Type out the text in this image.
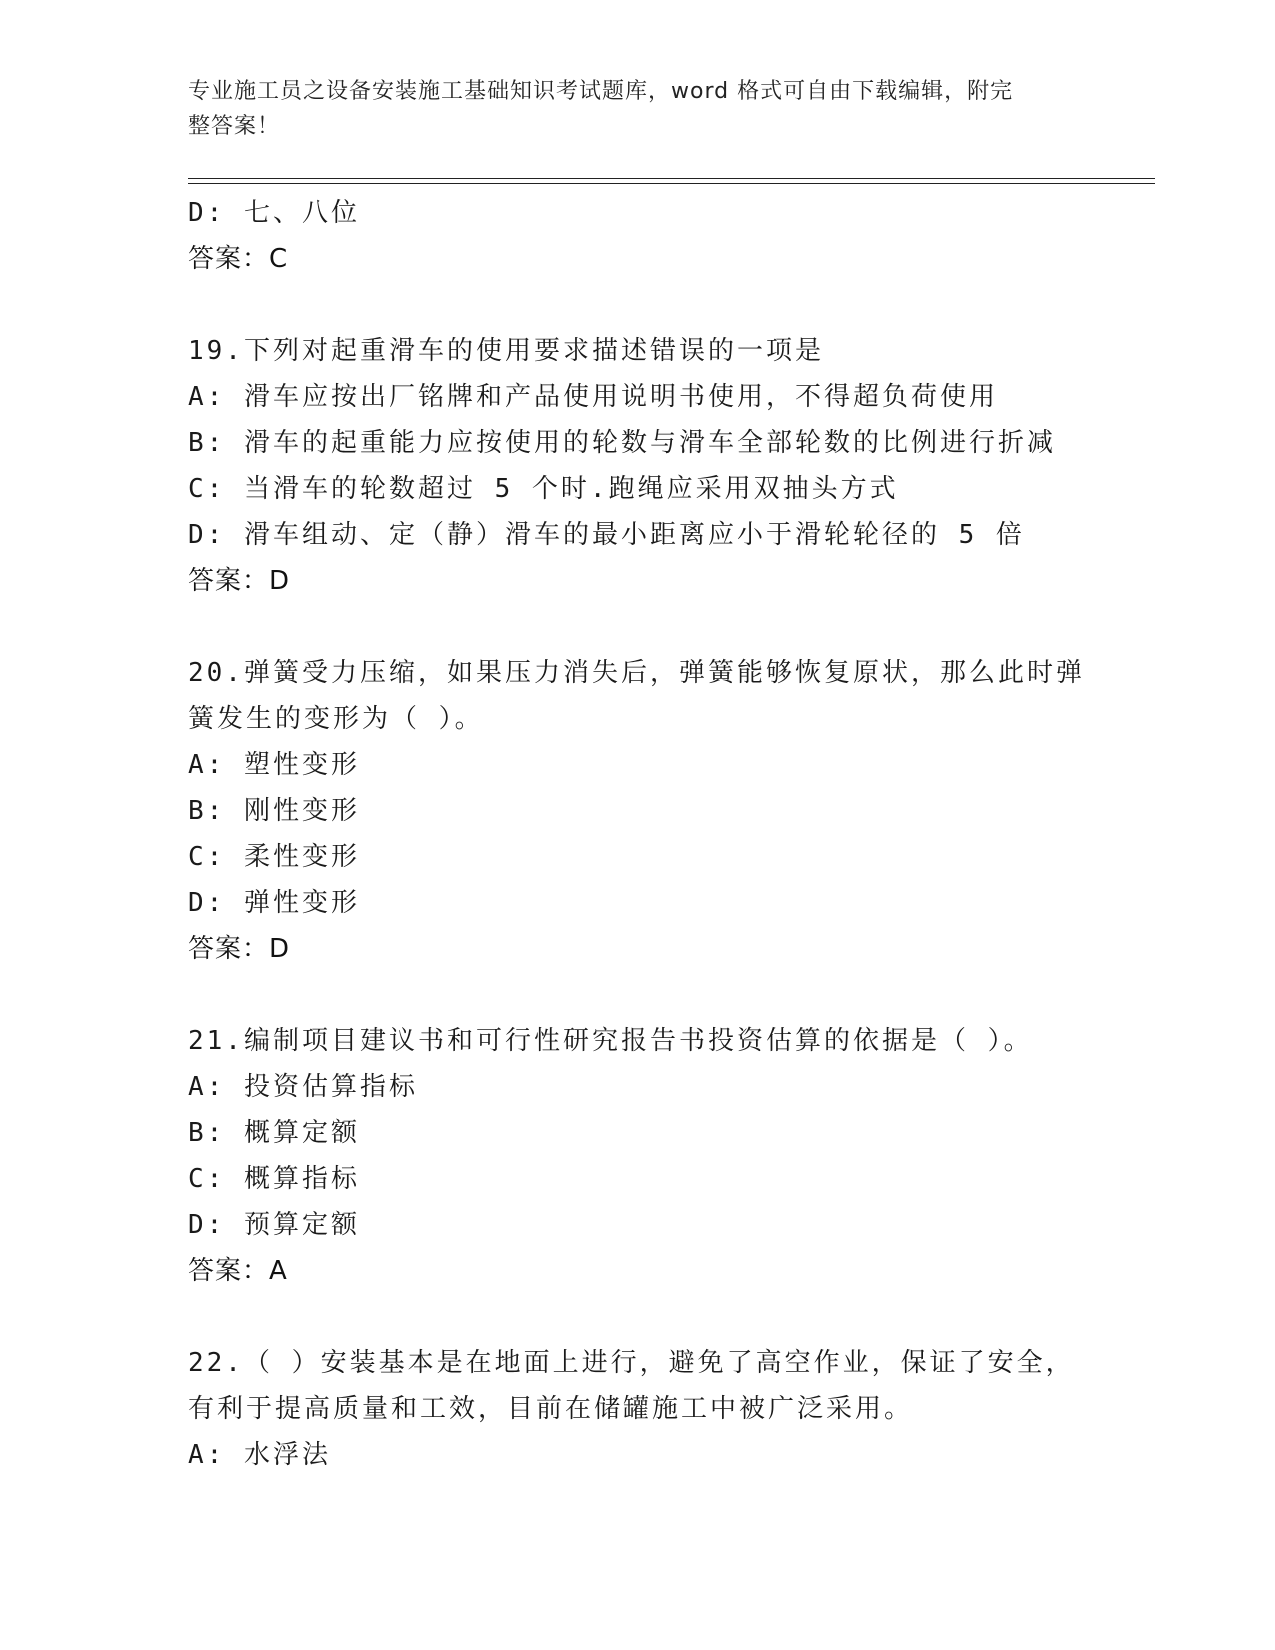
专业施工员之设备安装施工基础知识考试题库，word 格式可自由下载编辑，附完
整答案！
D: 七、八位
答案：C
19.下列对起重滑车的使用要求描述错误的一项是
A: 滑车应按出厂铭牌和产品使用说明书使用，不得超负荷使用
B: 滑车的起重能力应按使用的轮数与滑车全部轮数的比例进行折减
C: 当滑车的轮数超过 5 个时.跑绳应采用双抽头方式
D: 滑车组动、定（静）滑车的最小距离应小于滑轮轮径的 5 倍
答案：D
20.弹簧受力压缩，如果压力消失后，弹簧能够恢复原状，那么此时弹
簧发生的变形为（ ）。
A: 塑性变形
B: 刚性变形
C: 柔性变形
D: 弹性变形
答案：D
21.编制项目建议书和可行性研究报告书投资估算的依据是（ ）。
A: 投资估算指标
B: 概算定额
C: 概算指标
D: 预算定额
答案：A
22.（ ）安装基本是在地面上进行，避免了高空作业，保证了安全，
有利于提高质量和工效，目前在储罐施工中被广泛采用。
A: 水浮法
